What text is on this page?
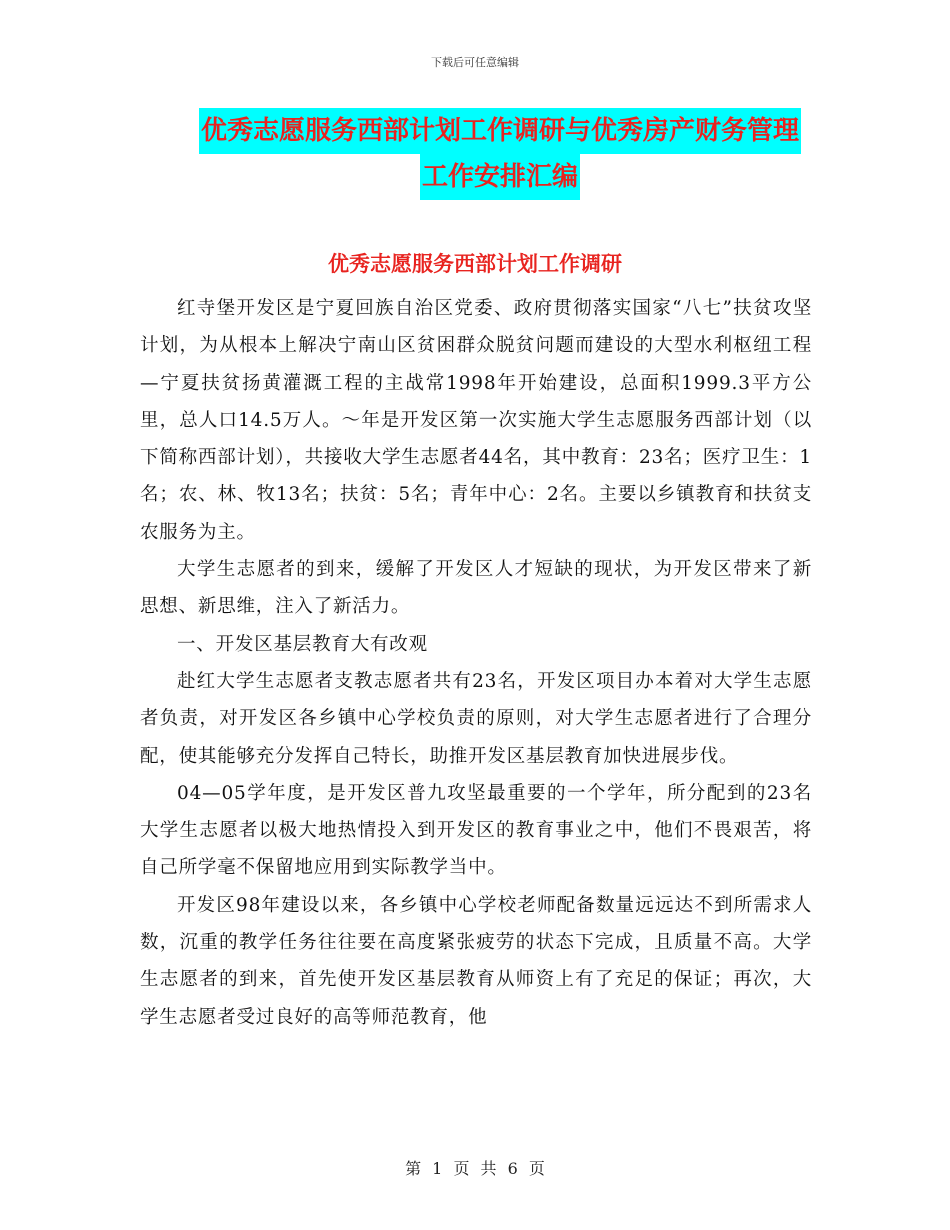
下载后可任意编辑
优秀志愿服务西部计划工作调研与优秀房产财务管理
工作安排汇编
优秀志愿服务西部计划工作调研

红寺堡开发区是宁夏回族自治区党委、政府贯彻落实国家“八七”扶贫攻坚计划，为从根本上解决宁南山区贫困群众脱贫问题而建设的大型水利枢纽工程—宁夏扶贫扬黄灌溉工程的主战常1998年开始建设，总面积1999.3平方公里，总人口14.5万人。～年是开发区第一次实施大学生志愿服务西部计划（以下简称西部计划），共接收大学生志愿者44名，其中教育：23名；医疗卫生：1名；农、林、牧13名；扶贫：5名；青年中心：2名。主要以乡镇教育和扶贫支农服务为主。

大学生志愿者的到来，缓解了开发区人才短缺的现状，为开发区带来了新思想、新思维，注入了新活力。

一、开发区基层教育大有改观

赴红大学生志愿者支教志愿者共有23名，开发区项目办本着对大学生志愿者负责，对开发区各乡镇中心学校负责的原则，对大学生志愿者进行了合理分配，使其能够充分发挥自己特长，助推开发区基层教育加快进展步伐。

04—05学年度，是开发区普九攻坚最重要的一个学年，所分配到的23名大学生志愿者以极大地热情投入到开发区的教育事业之中，他们不畏艰苦，将自己所学毫不保留地应用到实际教学当中。

开发区98年建设以来，各乡镇中心学校老师配备数量远远达不到所需求人数，沉重的教学任务往往要在高度紧张疲劳的状态下完成，且质量不高。大学生志愿者的到来，首先使开发区基层教育从师资上有了充足的保证；再次，大学生志愿者受过良好的高等师范教育，他

第 1 页 共 6 页
